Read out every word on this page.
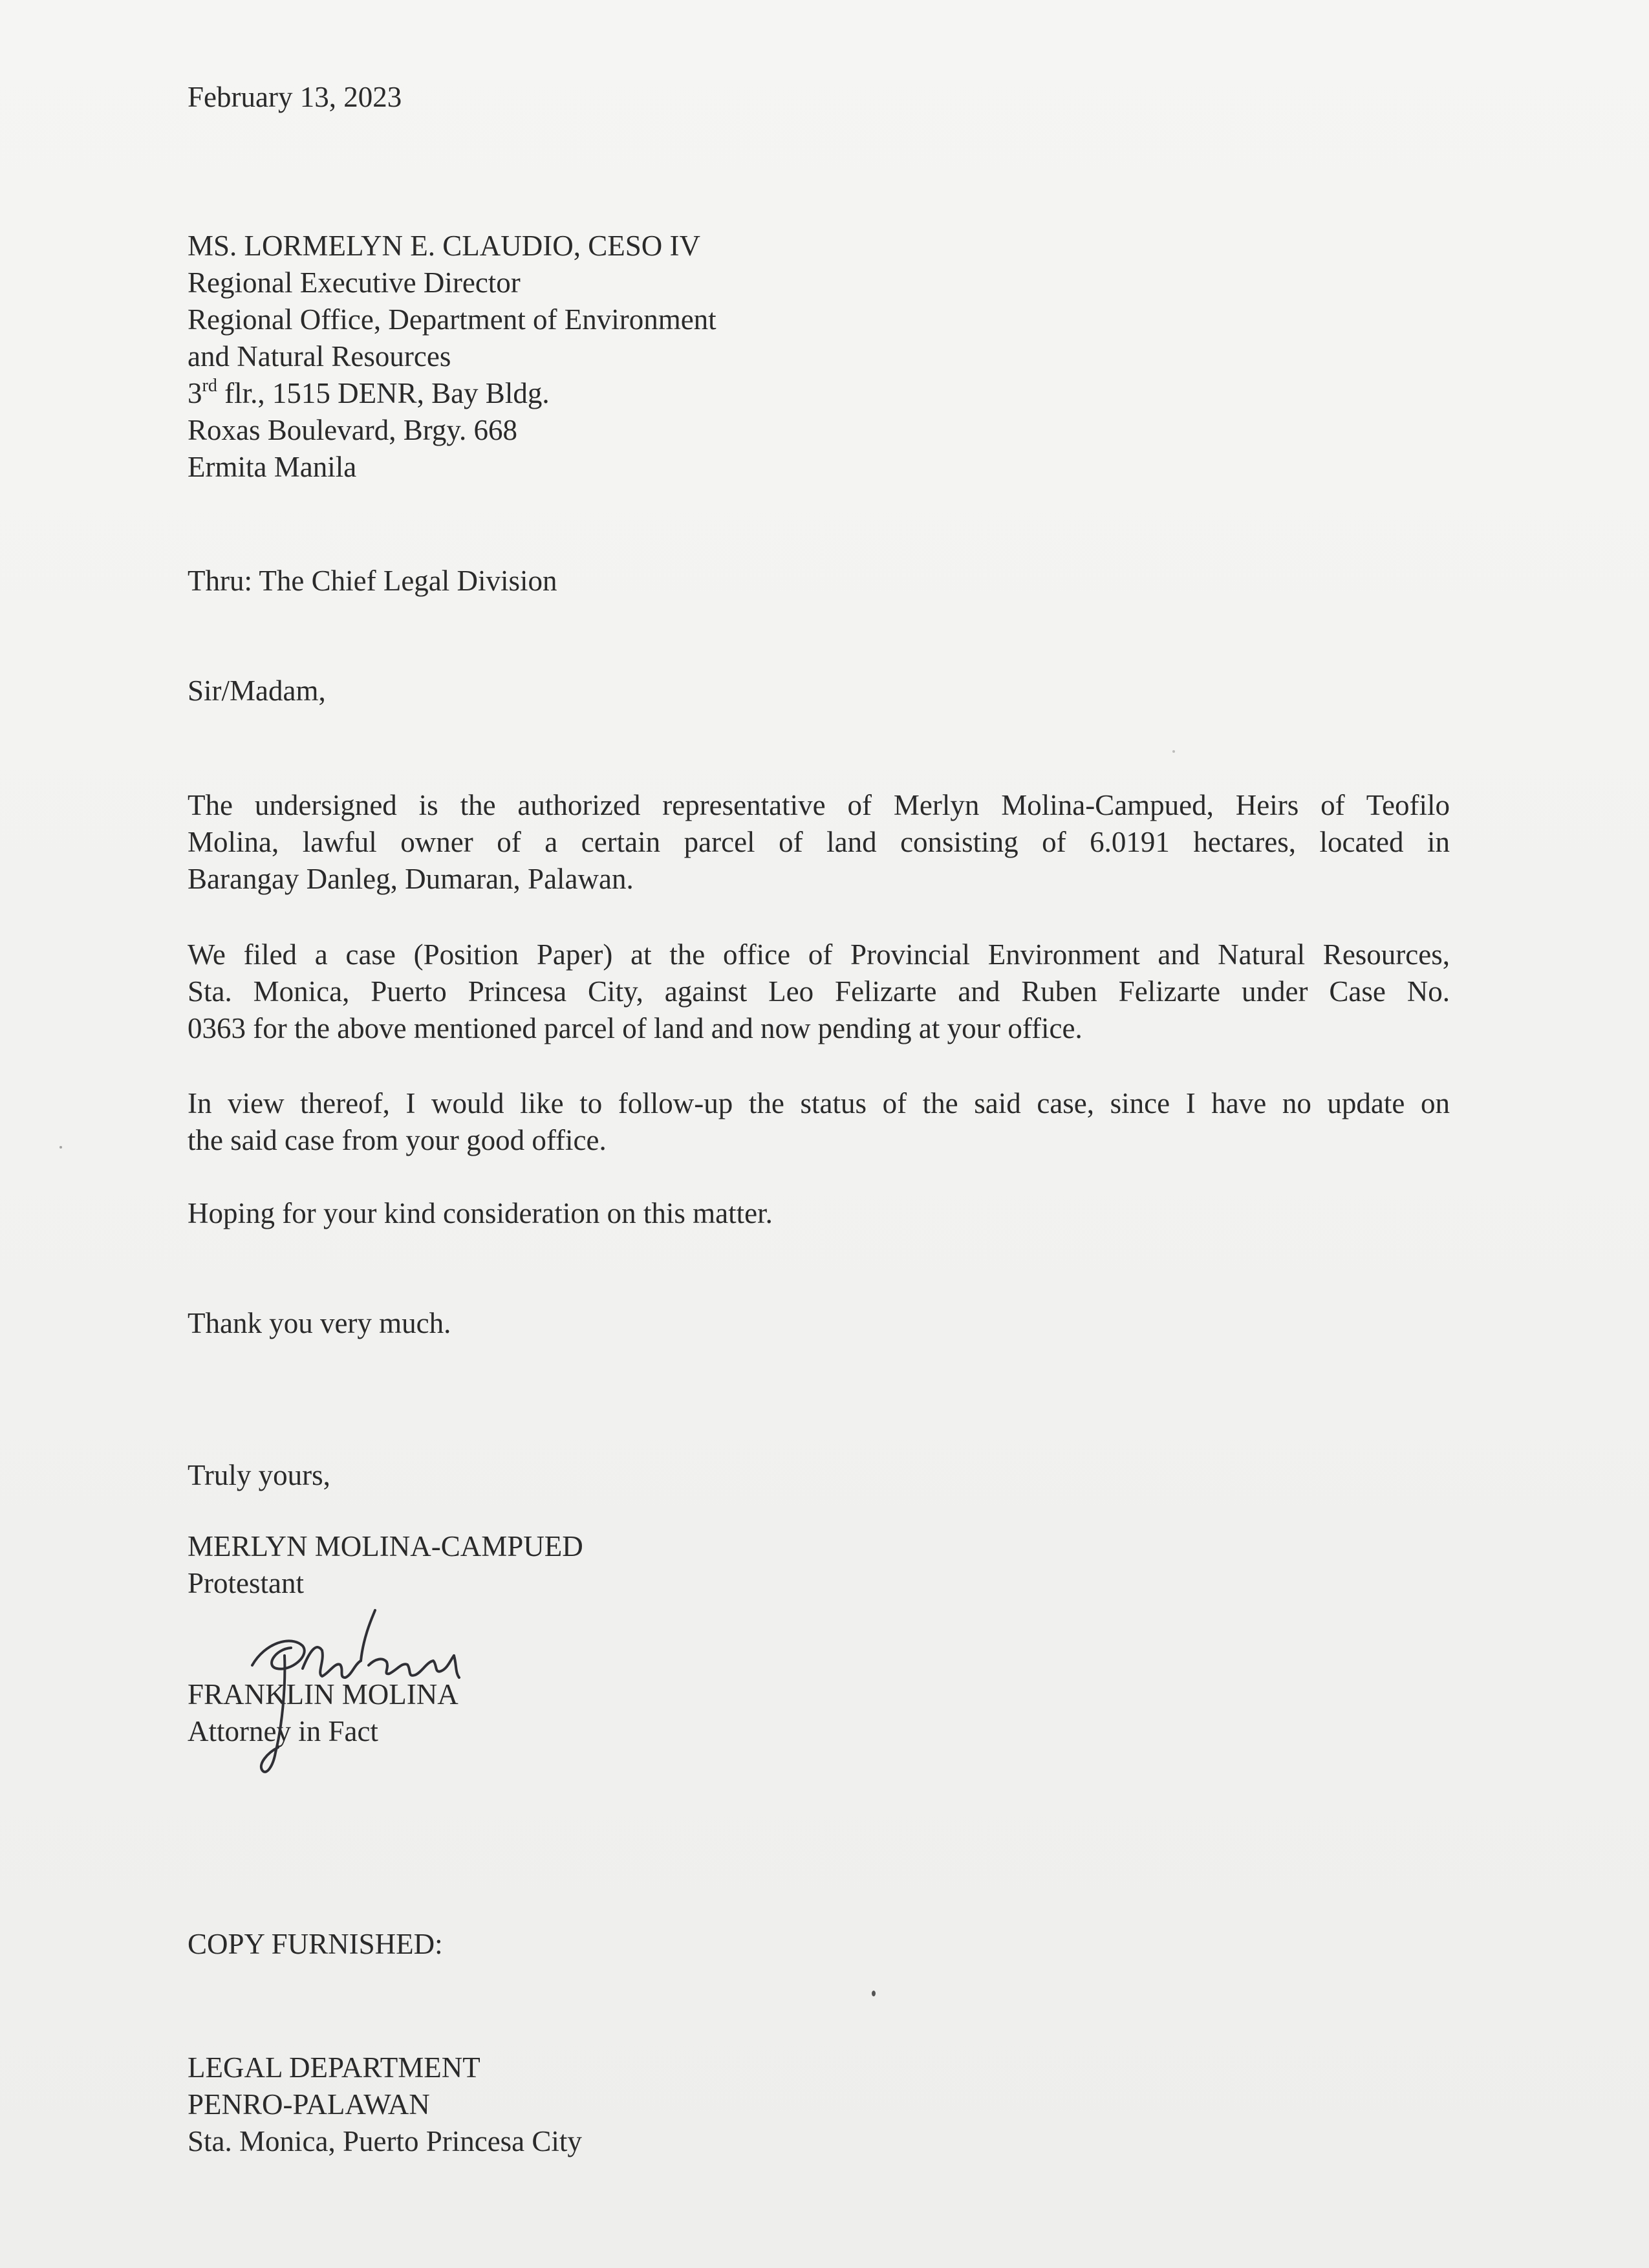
February 13, 2023
MS. LORMELYN E. CLAUDIO, CESO IV
Regional Executive Director
Regional Office, Department of Environment
and Natural Resources
3rd flr., 1515 DENR, Bay Bldg.
Roxas Boulevard, Brgy. 668
Ermita Manila
Thru: The Chief Legal Division
Sir/Madam,
The undersigned is the authorized representative of Merlyn Molina-Campued, Heirs of Teofilo
Molina, lawful owner of a certain parcel of land consisting of 6.0191 hectares, located in
Barangay Danleg, Dumaran, Palawan.
We filed a case (Position Paper) at the office of Provincial Environment and Natural Resources,
Sta. Monica, Puerto Princesa City, against Leo Felizarte and Ruben Felizarte under Case No.
0363 for the above mentioned parcel of land and now pending at your office.
In view thereof, I would like to follow-up the status of the said case, since I have no update on
the said case from your good office.
Hoping for your kind consideration on this matter.
Thank you very much.
Truly yours,
MERLYN MOLINA-CAMPUED
Protestant
FRANKLIN MOLINA
Attorney in Fact
COPY FURNISHED:
LEGAL DEPARTMENT
PENRO-PALAWAN
Sta. Monica, Puerto Princesa City
